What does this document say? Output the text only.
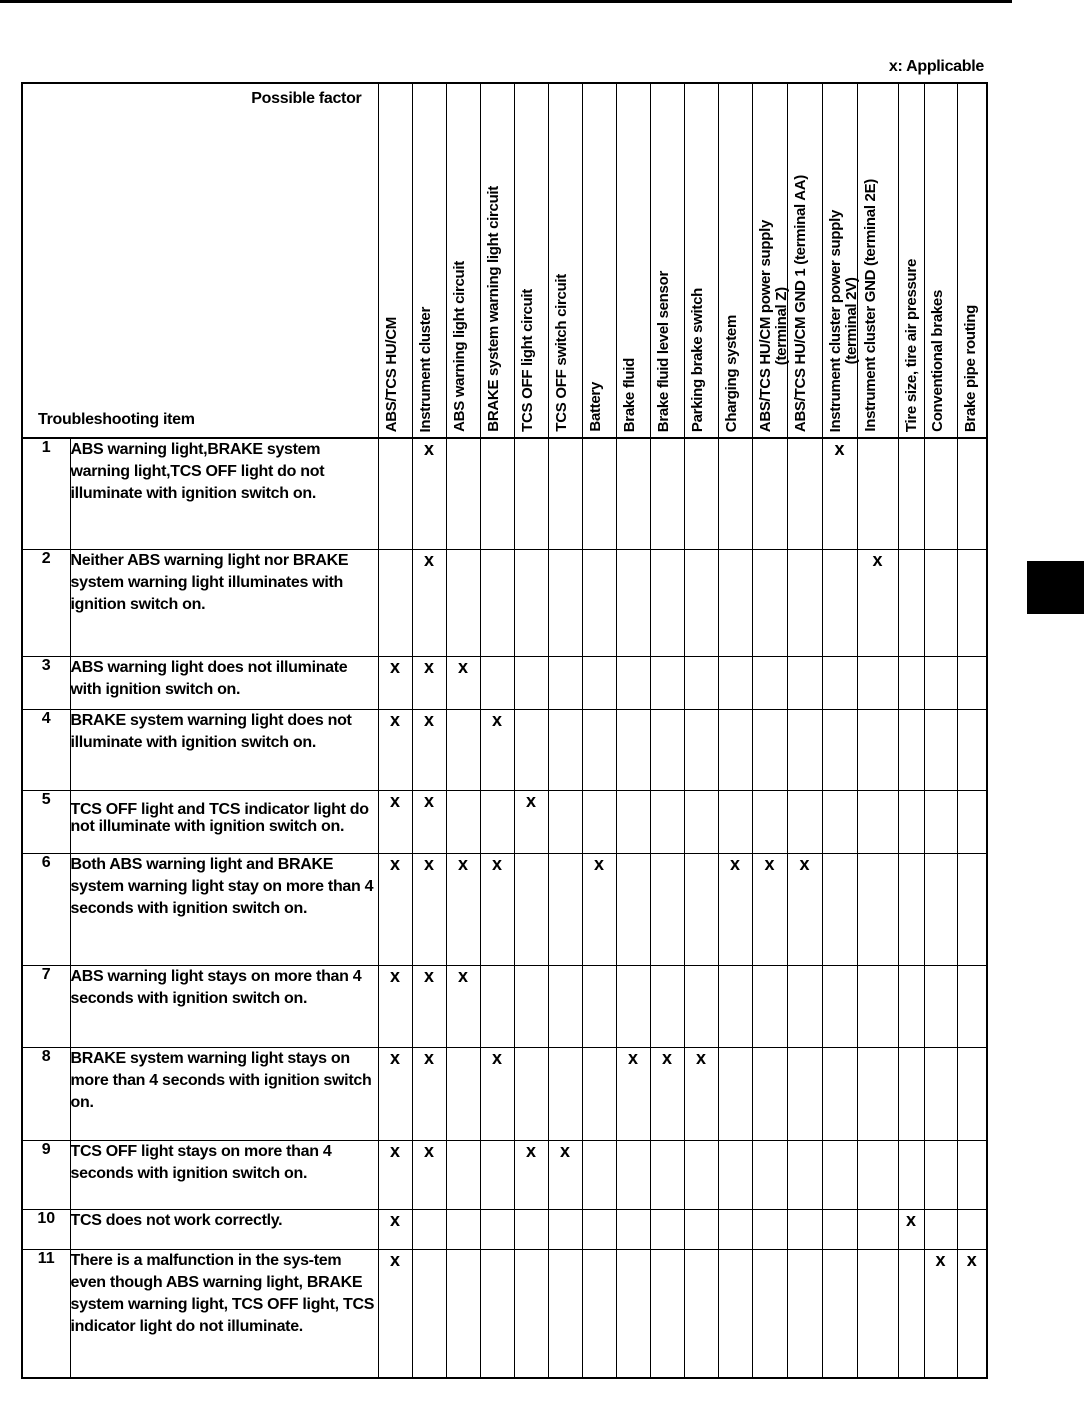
x: Applicable
Possible factor
Troubleshooting item		ABS/TCS HU/CM	Instrument cluster	ABS warning light circuit	BRAKE system warning light circuit	TCS OFF light circuit	TCS OFF switch circuit	Battery	Brake fluid	Brake fluid level sensor	Parking brake switch	Charging system	ABS/TCS HU/CM power supply
(terminal Z)	ABS/TCS HU/CM GND 1 (terminal AA)	Instrument cluster power supply
(terminal 2V)	Instrument cluster GND (terminal 2E)	Tire size, tire air pressure	Conventional brakes	Brake pipe routing

1	ABS warning light,BRAKE system warning light,TCS OFF light do not illuminate with ignition switch on.		x												x				
2	Neither ABS warning light nor BRAKE system warning light illuminates with ignition switch on.		x													x			
3	ABS warning light does not illuminate with ignition switch on.	x	x	x															
4	BRAKE system warning light does not illuminate with ignition switch on.	x	x		x														
5	TCS OFF light and TCS indicator light do not illuminate with ignition switch on.	x	x			x													
6	Both ABS warning light and BRAKE system warning light stay on more than 4 seconds with ignition switch on.	x	x	x	x			x				x	x	x					
7	ABS warning light stays on more than 4 seconds with ignition switch on.	x	x	x															
8	BRAKE system warning light stays on more than 4 seconds with ignition switch on.	x	x		x				x	x	x								
9	TCS OFF light stays on more than 4 seconds with ignition switch on.	x	x			x	x												
10	TCS does not work correctly.	x															x		
11	There is a malfunction in the sys-tem even though ABS warning light, BRAKE system warning light, TCS OFF light, TCS indicator light do not illuminate.	x																x	x
